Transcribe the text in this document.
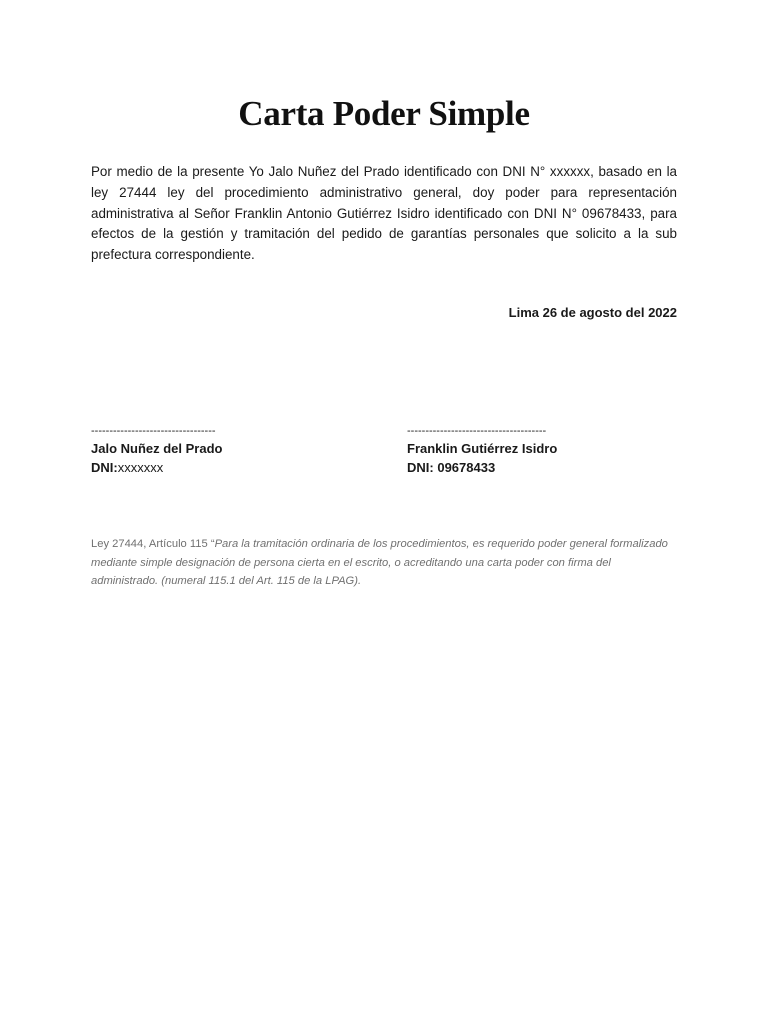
Carta Poder Simple

Por medio de la presente Yo Jalo Nuñez del Prado identificado con DNI N° xxxxxx, basado en la ley 27444 ley del procedimiento administrativo general, doy poder para representación administrativa al Señor Franklin Antonio Gutiérrez Isidro identificado con DNI N° 09678433, para efectos de la gestión y tramitación del pedido de garantías personales que solicito a la sub prefectura correspondiente.

Lima 26 de agosto del 2022

----------------------------------
Jalo Nuñez del Prado
DNI:xxxxxxx
--------------------------------------
Franklin Gutiérrez Isidro
DNI: 09678433

Ley 27444, Artículo 115 “Para la tramitación ordinaria de los procedimientos, es requerido poder general formalizado mediante simple designación de persona cierta en el escrito, o acreditando una carta poder con firma del administrado. (numeral 115.1 del Art. 115 de la LPAG).
